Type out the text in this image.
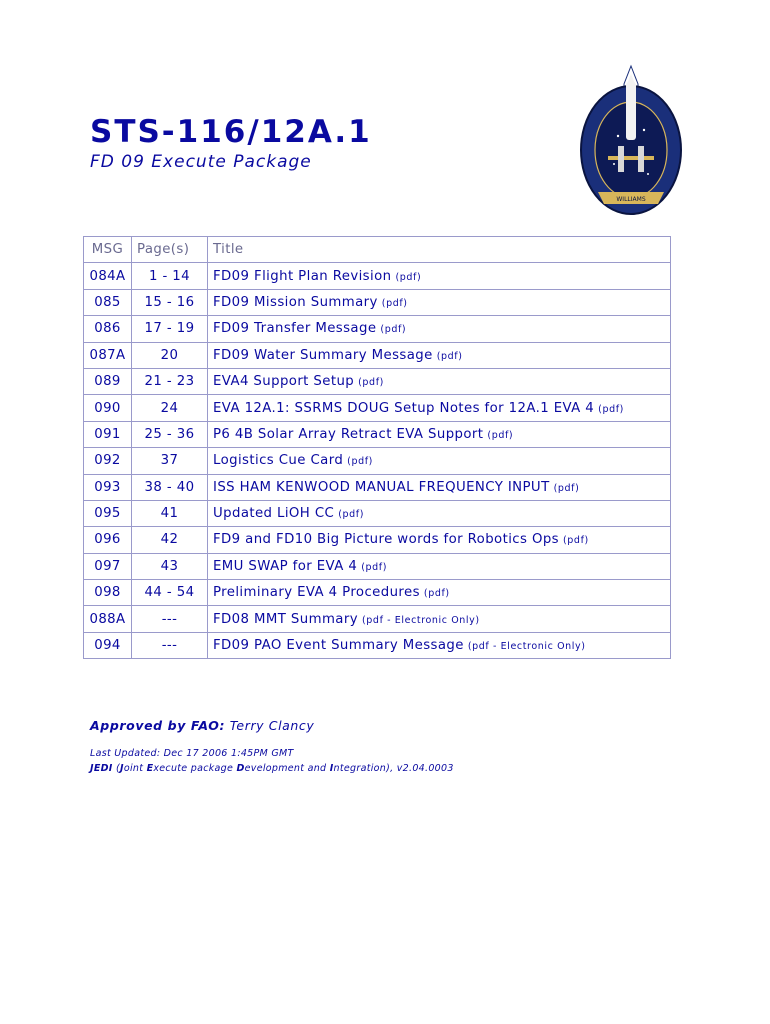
STS-116/12A.1
FD 09 Execute Package
WILLIAMS
MSG	Page(s)	Title
084A	1 - 14	FD09 Flight Plan Revision (pdf)
085	15 - 16	FD09 Mission Summary (pdf)
086	17 - 19	FD09 Transfer Message (pdf)
087A	20	FD09 Water Summary Message (pdf)
089	21 - 23	EVA4 Support Setup (pdf)
090	24	EVA 12A.1: SSRMS DOUG Setup Notes for 12A.1 EVA 4 (pdf)
091	25 - 36	P6 4B Solar Array Retract EVA Support (pdf)
092	37	Logistics Cue Card (pdf)
093	38 - 40	ISS HAM KENWOOD MANUAL FREQUENCY INPUT (pdf)
095	41	Updated LiOH CC (pdf)
096	42	FD9 and FD10 Big Picture words for Robotics Ops (pdf)
097	43	EMU SWAP for EVA 4 (pdf)
098	44 - 54	Preliminary EVA 4 Procedures (pdf)
088A	---	FD08 MMT Summary (pdf - Electronic Only)
094	---	FD09 PAO Event Summary Message (pdf - Electronic Only)
Approved by FAO: Terry Clancy
Last Updated: Dec 17 2006 1:45PM GMT
JEDI (Joint Execute package Development and Integration), v2.04.0003
